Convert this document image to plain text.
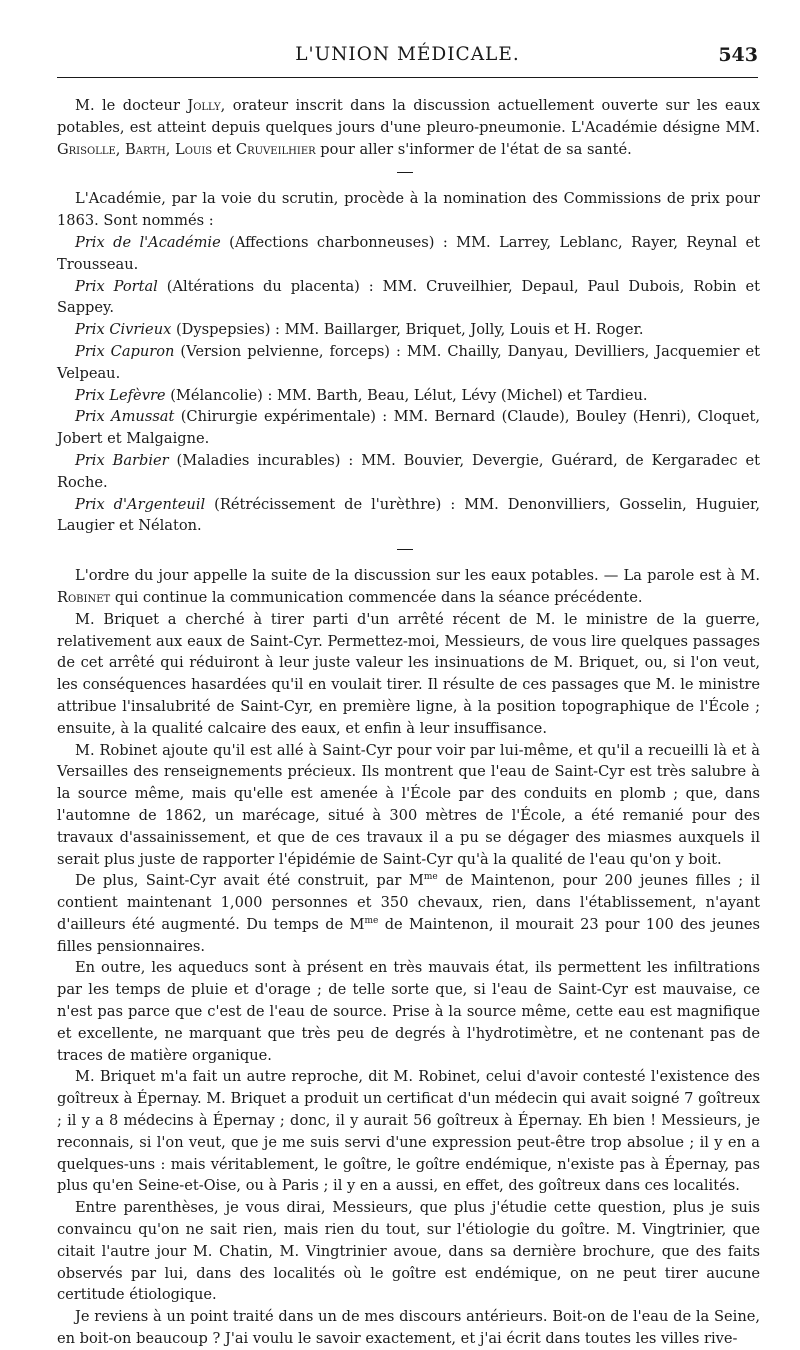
L'UNION MÉDICALE.	543

M. le docteur Jolly, orateur inscrit dans la discussion actuellement ouverte sur les eaux potables, est atteint depuis quelques jours d'une pleuro-pneumonie. L'Académie désigne MM. Grisolle, Barth, Louis et Cruveilhier pour aller s'informer de l'état de sa santé.

L'Académie, par la voie du scrutin, procède à la nomination des Commissions de prix pour 1863. Sont nommés :

Prix de l'Académie (Affections charbonneuses) : MM. Larrey, Leblanc, Rayer, Reynal et Trousseau.

Prix Portal (Altérations du placenta) : MM. Cruveilhier, Depaul, Paul Dubois, Robin et Sappey.

Prix Civrieux (Dyspepsies) : MM. Baillarger, Briquet, Jolly, Louis et H. Roger.

Prix Capuron (Version pelvienne, forceps) : MM. Chailly, Danyau, Devilliers, Jacquemier et Velpeau.

Prix Lefèvre (Mélancolie) : MM. Barth, Beau, Lélut, Lévy (Michel) et Tardieu.

Prix Amussat (Chirurgie expérimentale) : MM. Bernard (Claude), Bouley (Henri), Cloquet, Jobert et Malgaigne.

Prix Barbier (Maladies incurables) : MM. Bouvier, Devergie, Guérard, de Kergaradec et Roche.

Prix d'Argenteuil (Rétrécissement de l'urèthre) : MM. Denonvilliers, Gosselin, Huguier, Laugier et Nélaton.

L'ordre du jour appelle la suite de la discussion sur les eaux potables. — La parole est à M. Robinet qui continue la communication commencée dans la séance précédente.

M. Briquet a cherché à tirer parti d'un arrêté récent de M. le ministre de la guerre, relativement aux eaux de Saint-Cyr. Permettez-moi, Messieurs, de vous lire quelques passages de cet arrêté qui réduiront à leur juste valeur les insinuations de M. Briquet, ou, si l'on veut, les conséquences hasardées qu'il en voulait tirer. Il résulte de ces passages que M. le ministre attribue l'insalubrité de Saint-Cyr, en première ligne, à la position topographique de l'École ; ensuite, à la qualité calcaire des eaux, et enfin à leur insuffisance.

M. Robinet ajoute qu'il est allé à Saint-Cyr pour voir par lui-même, et qu'il a recueilli là et à Versailles des renseignements précieux. Ils montrent que l'eau de Saint-Cyr est très salubre à la source même, mais qu'elle est amenée à l'École par des conduits en plomb ; que, dans l'automne de 1862, un marécage, situé à 300 mètres de l'École, a été remanié pour des travaux d'assainissement, et que de ces travaux il a pu se dégager des miasmes auxquels il serait plus juste de rapporter l'épidémie de Saint-Cyr qu'à la qualité de l'eau qu'on y boit.

De plus, Saint-Cyr avait été construit, par $M^{me}$ de Maintenon, pour 200 jeunes filles ; il contient maintenant 1,000 personnes et 350 chevaux, rien, dans l'établissement, n'ayant d'ailleurs été augmenté. Du temps de $M^{me}$ de Maintenon, il mourait 23 pour 100 des jeunes filles pensionnaires.

En outre, les aqueducs sont à présent en très mauvais état, ils permettent les infiltrations par les temps de pluie et d'orage ; de telle sorte que, si l'eau de Saint-Cyr est mauvaise, ce n'est pas parce que c'est de l'eau de source. Prise à la source même, cette eau est magnifique et excellente, ne marquant que très peu de degrés à l'hydrotimètre, et ne contenant pas de traces de matière organique.

M. Briquet m'a fait un autre reproche, dit M. Robinet, celui d'avoir contesté l'existence des goîtreux à Épernay. M. Briquet a produit un certificat d'un médecin qui avait soigné 7 goîtreux ; il y a 8 médecins à Épernay ; donc, il y aurait 56 goîtreux à Épernay. Eh bien ! Messieurs, je reconnais, si l'on veut, que je me suis servi d'une expression peut-être trop absolue ; il y en a quelques-uns : mais véritablement, le goître, le goître endémique, n'existe pas à Épernay, pas plus qu'en Seine-et-Oise, ou à Paris ; il y en a aussi, en effet, des goîtreux dans ces localités.

Entre parenthèses, je vous dirai, Messieurs, que plus j'étudie cette question, plus je suis convaincu qu'on ne sait rien, mais rien du tout, sur l'étiologie du goître. M. Vingtrinier, que citait l'autre jour M. Chatin, M. Vingtrinier avoue, dans sa dernière brochure, que des faits observés par lui, dans des localités où le goître est endémique, on ne peut tirer aucune certitude étiologique.

Je reviens à un point traité dans un de mes discours antérieurs. Boit-on de l'eau de la Seine, en boit-on beaucoup ? J'ai voulu le savoir exactement, et j'ai écrit dans toutes les villes rive-
